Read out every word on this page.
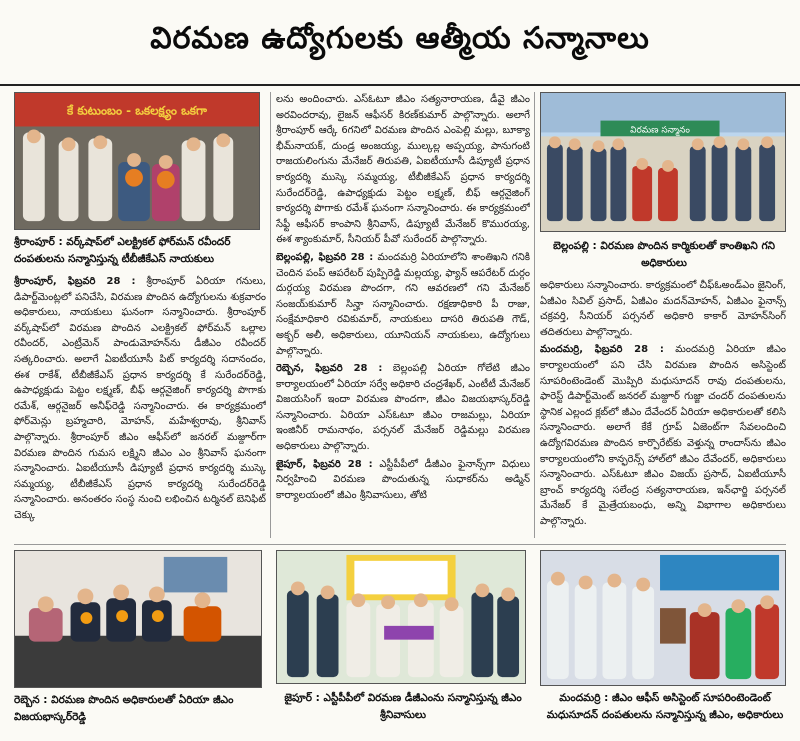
విరమణ ఉద్యోగులకు ఆత్మీయ సన్మానాలు
కే కుటుంబం - ఒకలక్ష్యం ఒకగా
శ్రీరాంపూర్‌ : వర్క్‌షాప్‌లో ఎలక్ట్రికల్‌ ఫోర్‌మన్‌ రవీందర్‌ దంపతులను సన్మానిస్తున్న టీబీజీకేఎస్‌ నాయకులు
విరమణ సన్మానం
బెల్లంపల్లి : విరమణ పొందిన కార్మికులతో కాంతిఖని గని అధికారులు

శ్రీరాంపూర్‌, ఫిబ్రవరి 28 : శ్రీరాంపూర్‌ ఏరియా గనులు, డిపార్ట్‌మెంట్లలో పనిచేసి, విరమణ పొందిన ఉద్యోగులను శుక్రవారం అధికారులు, నాయకులు ఘనంగా సన్మానించారు. శ్రీరాంపూర్‌ వర్క్‌షాప్‌లో విరమణ పొందిన ఎలక్ట్రికల్‌ ఫోర్‌మన్‌ ఒల్లాల రవీందర్‌, ఎంట్రీమెన్‌ పాండుమోహన్‌ను డీజీఎం రవీందర్‌ సత్కరించారు. అలాగే ఏఐటీయూసీ పిట్‌ కార్యదర్శి సదానందం, ఈశ రాకేశ్‌, టీబీజీకేఎస్‌ ప్రధాన కార్యదర్శి కే సురేందర్‌రెడ్డి, ఉపాధ్యక్షుడు పెట్టం లక్ష్మణ్‌, బీఫ్‌ ఆర్గనైజింగ్‌ కార్యదర్శి పొగాకు రమేశ్‌, ఆర్గనైజర్‌ అనీఫ్‌రెడ్డి సన్మానించారు. ఈ కార్యక్రమంలో ఫోర్‌మెన్లు బ్రహ్మచారి, మోహన్‌, మహేశ్వరావు, శ్రీనివాస్‌ పాల్గొన్నారు. శ్రీరాంపూర్‌ జీఎం ఆఫీస్‌లో జనరల్‌ మజ్దూర్‌గా విరమణ పొందిన గుమస లక్ష్మిని జీఎం ఎం శ్రీనివాస్‌ ఘనంగా సన్మానించారు. ఏఐటీయూసీ డిప్యూటీ ప్రధాన కార్యదర్శి ముస్కె సమ్మయ్య, టీబీజీకేఎస్‌ ప్రధాన కార్యదర్శి సురేందర్‌రెడ్డి సన్మానించారు. అనంతరం సంస్థ నుంచి లభించిన టర్మినల్‌ బెనిఫిట్‌ చెక్కు

లను అందించారు. ఎస్‌ఓటూ జీఎం సత్యనారాయణ, డీవై జీఎం అరవిందరావు, లైజన్‌ ఆఫీసర్‌ కిరణ్‌కుమార్‌ పాల్గొన్నారు. అలాగే శ్రీరాంపూర్‌ ఆర్కే 6గనిలో విరమణ పొందిన ఎంపెల్లి మల్లు, బూక్యా భీమ్‌నాయక్‌, దుండ్ర అంజయ్య, ముల్కల్ల అప్పయ్య, పానుగంటి రాజయలింగును మేనేజర్‌ తిరుపతి, ఏఐటీయూసీ డిప్యూటీ ప్రధాన కార్యదర్శి ముస్కె సమ్మయ్య, టీబీజీకేఎస్‌ ప్రధాన కార్యదర్శి సురేందర్‌రెడ్డి, ఉపాధ్యక్షుడు పెట్టం లక్ష్మణ్‌, బీఫ్‌ ఆర్గనైజింగ్‌ కార్యదర్శి పొగాకు రమేశ్‌ ఘనంగా సన్మానించారు. ఈ కార్యక్రమంలో సేఫ్టీ ఆఫీసర్‌ కాంపాని శ్రీనివాస్‌, డిప్యూటీ మేనేజర్‌ కొమురయ్య, ఈశ శ్యాంకుమార్‌, సీనియర్‌ పీవో సురేందర్‌ పాల్గొన్నారు.

బెల్లంపల్లి, ఫిబ్రవరి 28 : మందమర్రి ఏరియాలోని శాంతిఖని గనికి చెందిన పంప్‌ ఆపరేటర్‌ పుప్పిరెడ్డి మల్లయ్య, ఫ్యాన్‌ ఆపరేటర్‌ దుర్గం దుర్గయ్య విరమణ పొందగా, గని ఆవరణలో గని మేనేజర్‌ సంజయ్‌కుమార్‌ సిన్హా సన్మానించారు. రక్షణాధికారి పీ రాజు, సంక్షేమాధికారి రవికుమార్‌, నాయకులు దాసరి తిరుపతి గౌడ్‌, అక్బర్‌ అలీ, అధికారులు, యూనియన్‌ నాయకులు, ఉద్యోగులు పాల్గొన్నారు.

రెబ్బెన, ఫిబ్రవరి 28 : బెల్లంపల్లి ఏరియా గోలేటి జీఎం కార్యాలయంలో ఏరియా సర్వే అధికారి చంద్రశేఖర్‌, ఎంటీటీ మేనేజర్‌ విజయసింగ్‌ ఇందా విరమణ పొందగా, జీఎం విజయభాస్కర్‌రెడ్డి సన్మానించారు. ఏరియా ఎస్‌ఓటూ జీఎం రాజమల్లు, ఏరియా ఇంజినీర్‌ రామనాథం, పర్సనల్‌ మేనేజర్‌ రెడ్డిమల్లు విరమణ అధికారులు పాల్గొన్నారు.

జైపూర్‌, ఫిబ్రవరి 28 : ఎస్టీపీపీలో డీజీఎం ఫైనాన్స్‌గా విధులు నిర్వహించి విరమణ పొందుతున్న సుధాకర్‌ను అడ్మిన్‌ కార్యాలయంలో జీఎం శ్రీనివాసులు, తోటి

అధికారులు సన్మానించారు. కార్యక్రమంలో చీఫ్‌ఓఅండ్‌ఎం జైనింగ్‌, ఏజీఎం సివిల్‌ ప్రసాద్‌, ఏజీఎం మదన్‌మోహన్‌, ఏజీఎం ఫైనాన్స్‌ చక్రవర్తి, సీనియర్‌ పర్సనల్‌ అధికారి కాకార్‌ మోహన్‌సింగ్‌ తదితరులు పాల్గొన్నారు.

మందమర్రి, ఫిబ్రవరి 28 : మందమర్రి ఏరియా జీఎం కార్యాలయంలో పని చేసి విరమణ పొందిన అసిస్టెంట్‌ సూపరింటెండెంట్‌ మొప్పిరి మధుసూదన్‌ రావు దంపతులను, ఫారెస్ట్‌ డిపార్ట్‌మెంట్‌ జనరల్‌ మజ్దూర్‌ గుజ్జా చందర్‌ దంపతులను స్థానిక ఎల్లంద క్లబ్‌లో జీఎం దేవేందర్‌ ఏరియా అధికారులతో కలిసి సన్మానించారు. అలాగే కేకే గ్రూప్‌ ఏజెంట్‌గా సేవలందించి ఉద్యోగవిరమణ పొందిన కార్పొరేట్‌కు వెళ్తున్న రాందాస్‌ను జీఎం కార్యాలయంలోని కాన్ఫరెన్స్‌ హాల్‌లో జీఎం దేవేందర్‌, అధికారులు సన్మానించారు. ఎస్‌ఓటూ జీఎం విజయ్‌ ప్రసాద్‌, ఏఐటీయూసీ బ్రాంచ్‌ కార్యదర్శి సలేంద్ర సత్యనారాయణ, ఇన్‌ఛార్జి పర్సనల్‌ మేనేజర్‌ కే మైత్రేయబంధు, అన్ని విభాగాల అధికారులు పాల్గొన్నారు.

రెబ్బెన : విరమణ పొందిన అధికారులతో ఏరియా జీఎం విజయభాస్కర్‌రెడ్డి
జైపూర్‌ : ఎస్టీపీపీలో విరమణ డీజీఎంను సన్మానిస్తున్న జీఎం శ్రీనివాసులు
మందమర్రి : జీఎం ఆఫీస్‌ అసిస్టెంట్‌ సూపరింటెండెంట్‌ మధుసూదన్‌ దంపతులను సన్మానిస్తున్న జీఎం, అధికారులు
